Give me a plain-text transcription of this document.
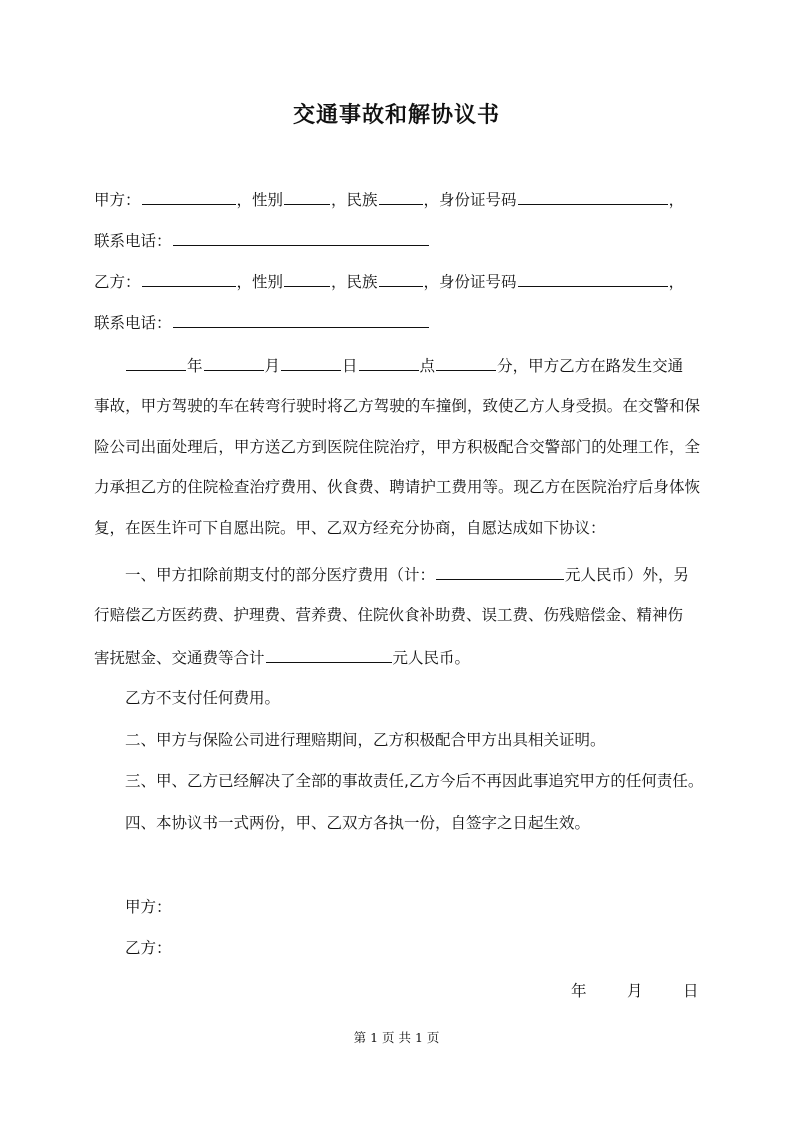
交通事故和解协议书
甲方：	，性别	，民族	，身份证号码	，
联系电话：
乙方：	，性别	，民族	，身份证号码	，
联系电话：
年	月	日	点	分，甲方乙方在路发生交通
事故，甲方驾驶的车在转弯行驶时将乙方驾驶的车撞倒，致使乙方人身受损。在交警和保险公司出面处理后，甲方送乙方到医院住院治疗，甲方积极配合交警部门的处理工作，全力承担乙方的住院检查治疗费用、伙食费、聘请护工费用等。现乙方在医院治疗后身体恢复，在医生许可下自愿出院。甲、乙双方经充分协商，自愿达成如下协议：
一、甲方扣除前期支付的部分医疗费用（计：	元人民币）外，另
行赔偿乙方医药费、护理费、营养费、住院伙食补助费、误工费、伤残赔偿金、精神伤
害抚慰金、交通费等合计	元人民币。
乙方不支付任何费用。
二、甲方与保险公司进行理赔期间，乙方积极配合甲方出具相关证明。
三、甲、乙方已经解决了全部的事故责任,乙方今后不再因此事追究甲方的任何责任。
四、本协议书一式两份，甲、乙双方各执一份，自签字之日起生效。
甲方：
乙方：
年	月	日
第 1 页 共 1 页
